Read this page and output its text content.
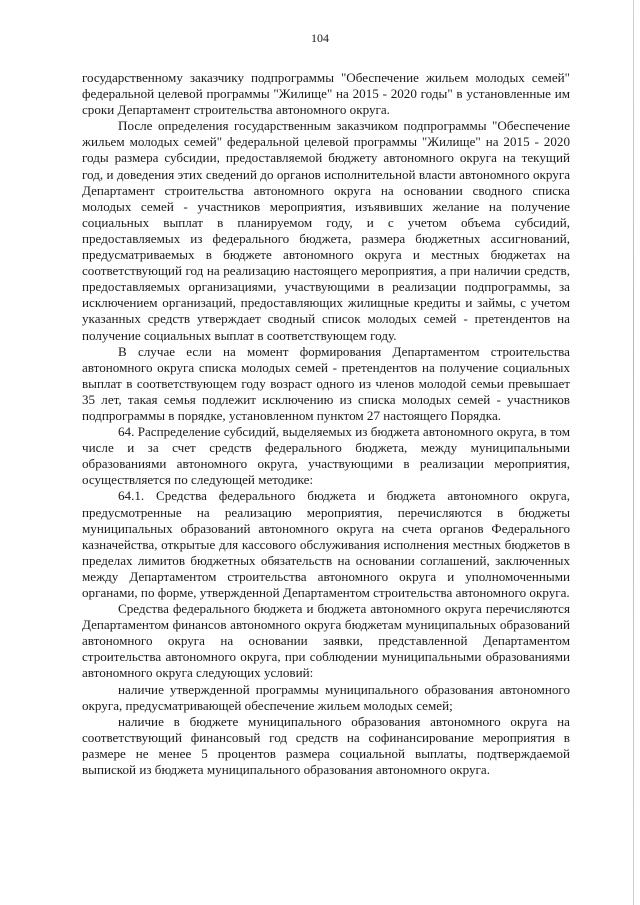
104

государственному заказчику подпрограммы "Обеспечение жильем молодых семей" федеральной целевой программы "Жилище" на 2015 - 2020 годы" в установленные им сроки Департамент строительства автономного округа.

После определения государственным заказчиком подпрограммы "Обеспечение жильем молодых семей" федеральной целевой программы "Жилище" на 2015 - 2020 годы размера субсидии, предоставляемой бюджету автономного округа на текущий год, и доведения этих сведений до органов исполнительной власти автономного округа Департамент строительства автономного округа на основании сводного списка молодых семей - участников мероприятия, изъявивших желание на получение социальных выплат в планируемом году, и с учетом объема субсидий, предоставляемых из федерального бюджета, размера бюджетных ассигнований, предусматриваемых в бюджете автономного округа и местных бюджетах на соответствующий год на реализацию настоящего мероприятия, а при наличии средств, предоставляемых организациями, участвующими в реализации подпрограммы, за исключением организаций, предоставляющих жилищные кредиты и займы, с учетом указанных средств утверждает сводный список молодых семей - претендентов на получение социальных выплат в соответствующем году.

В случае если на момент формирования Департаментом строительства автономного округа списка молодых семей - претендентов на получение социальных выплат в соответствующем году возраст одного из членов молодой семьи превышает 35 лет, такая семья подлежит исключению из списка молодых семей - участников подпрограммы в порядке, установленном пунктом 27 настоящего Порядка.

64. Распределение субсидий, выделяемых из бюджета автономного округа, в том числе и за счет средств федерального бюджета, между муниципальными образованиями автономного округа, участвующими в реализации мероприятия, осуществляется по следующей методике:

64.1. Средства федерального бюджета и бюджета автономного округа, предусмотренные на реализацию мероприятия, перечисляются в бюджеты муниципальных образований автономного округа на счета органов Федерального казначейства, открытые для кассового обслуживания исполнения местных бюджетов в пределах лимитов бюджетных обязательств на основании соглашений, заключенных между Департаментом строительства автономного округа и уполномоченными органами, по форме, утвержденной Департаментом строительства автономного округа.

Средства федерального бюджета и бюджета автономного округа перечисляются Департаментом финансов автономного округа бюджетам муниципальных образований автономного округа на основании заявки, представленной Департаментом строительства автономного округа, при соблюдении муниципальными образованиями автономного округа следующих условий:

наличие утвержденной программы муниципального образования автономного округа, предусматривающей обеспечение жильем молодых семей;

наличие в бюджете муниципального образования автономного округа на соответствующий финансовый год средств на софинансирование мероприятия в размере не менее 5 процентов размера социальной выплаты, подтверждаемой выпиской из бюджета муниципального образования автономного округа.
